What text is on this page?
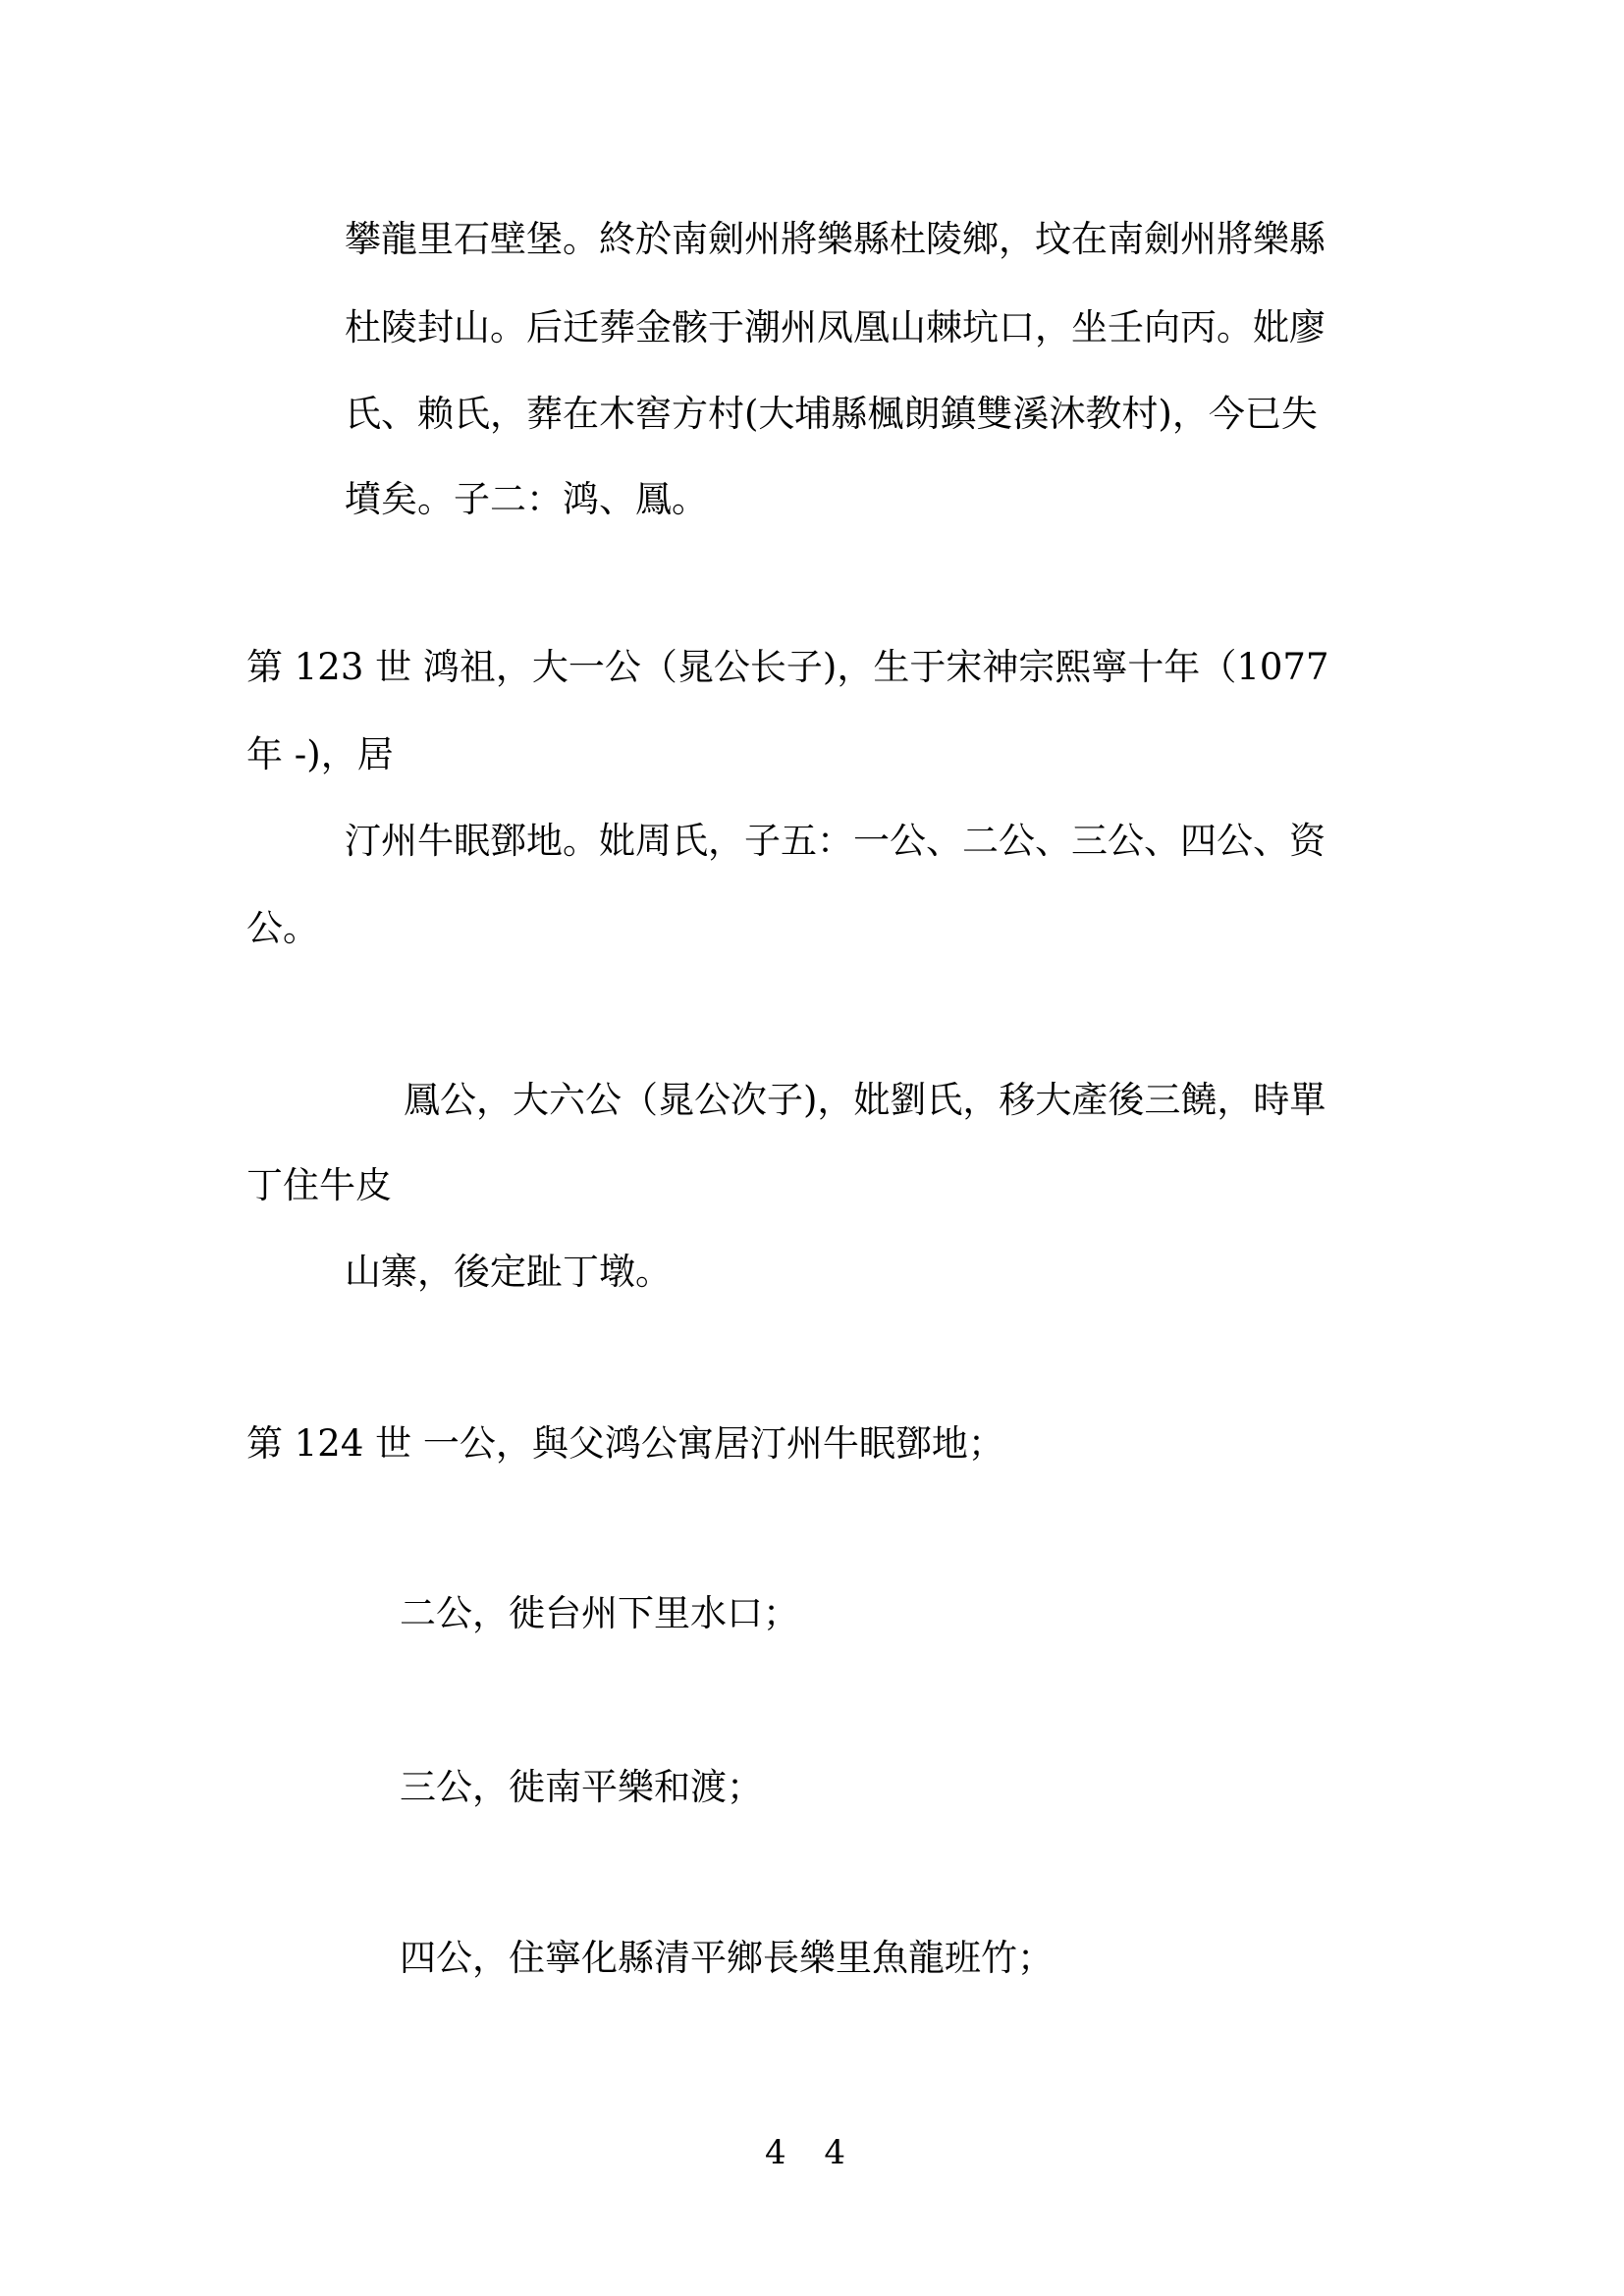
攀龍里石壁堡。終於南劍州將樂縣杜陵鄉，坟在南劍州將樂縣
杜陵封山。后迁葬金骸于潮州凤凰山棘坑口，坐壬向丙。妣廖
氏、赖氏，葬在木窖方村(大埔縣楓朗鎮雙溪沐教村)，今已失
墳矣。子二：鸿、鳳。
第 123 世 鸿祖，大一公（晁公长子)，生于宋神宗熙寧十年（1077
年 -)，居
汀州牛眠鄧地。妣周氏，子五：一公、二公、三公、四公、资
公。
鳳公，大六公（晁公次子)，妣劉氏，移大產後三饒，時單
丁住牛皮
山寨，後定趾丁墩。
第 124 世 一公，與父鸿公寓居汀州牛眠鄧地；
二公，徙台州下里水口；
三公，徙南平樂和渡；
四公，住寧化縣清平鄉長樂里魚龍班竹；
4 4
